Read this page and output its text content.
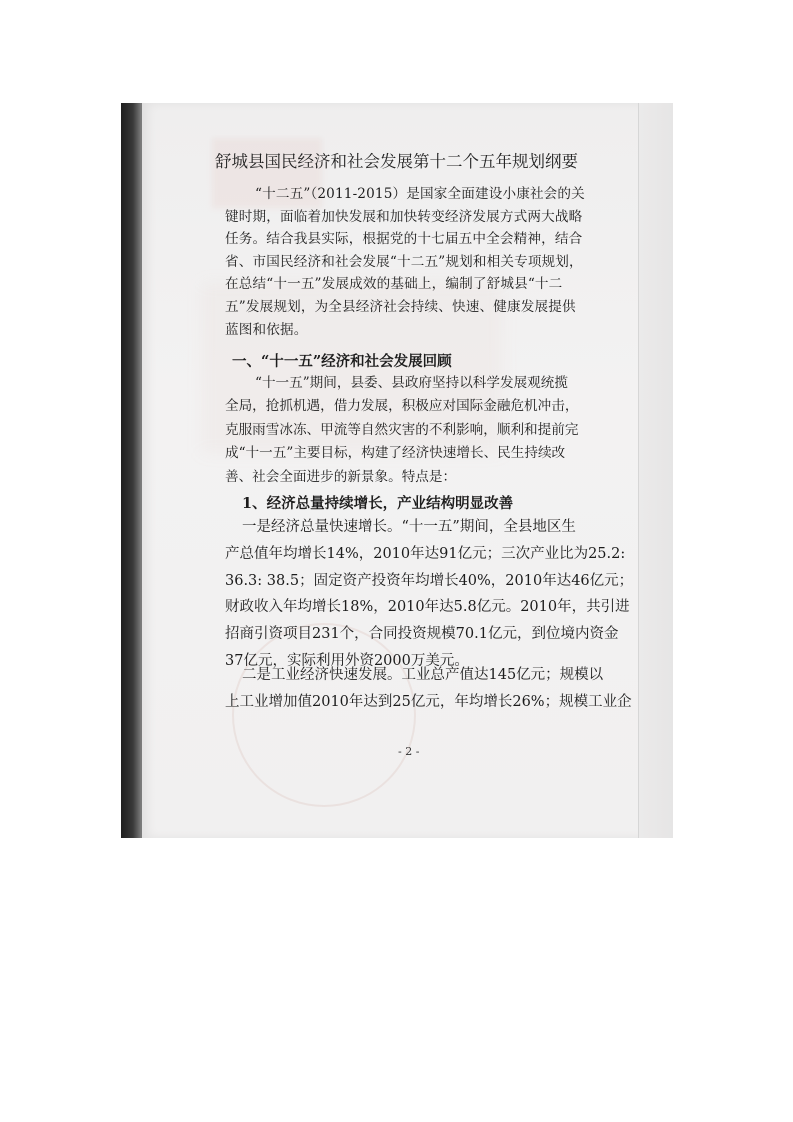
舒城县国民经济和社会发展第十二个五年规划纲要
“十二五”（2011-2015）是国家全面建设小康社会的关
键时期，面临着加快发展和加快转变经济发展方式两大战略
任务。结合我县实际，根据党的十七届五中全会精神，结合
省、市国民经济和社会发展“十二五”规划和相关专项规划，
在总结“十一五”发展成效的基础上，编制了舒城县“十二
五”发展规划，为全县经济社会持续、快速、健康发展提供
蓝图和依据。
一、“十一五”经济和社会发展回顾
“十一五”期间，县委、县政府坚持以科学发展观统揽
全局，抢抓机遇，借力发展，积极应对国际金融危机冲击，
克服雨雪冰冻、甲流等自然灾害的不利影响，顺利和提前完
成“十一五”主要目标，构建了经济快速增长、民生持续改
善、社会全面进步的新景象。特点是：
1、经济总量持续增长，产业结构明显改善
一是经济总量快速增长。“十一五”期间，全县地区生
产总值年均增长14%，2010年达91亿元；三次产业比为25.2:
36.3: 38.5；固定资产投资年均增长40%，2010年达46亿元；
财政收入年均增长18%，2010年达5.8亿元。2010年，共引进
招商引资项目231个，合同投资规模70.1亿元，到位境内资金
37亿元，实际利用外资2000万美元。
二是工业经济快速发展。工业总产值达145亿元；规模以
上工业增加值2010年达到25亿元，年均增长26%；规模工业企
- 2 -
